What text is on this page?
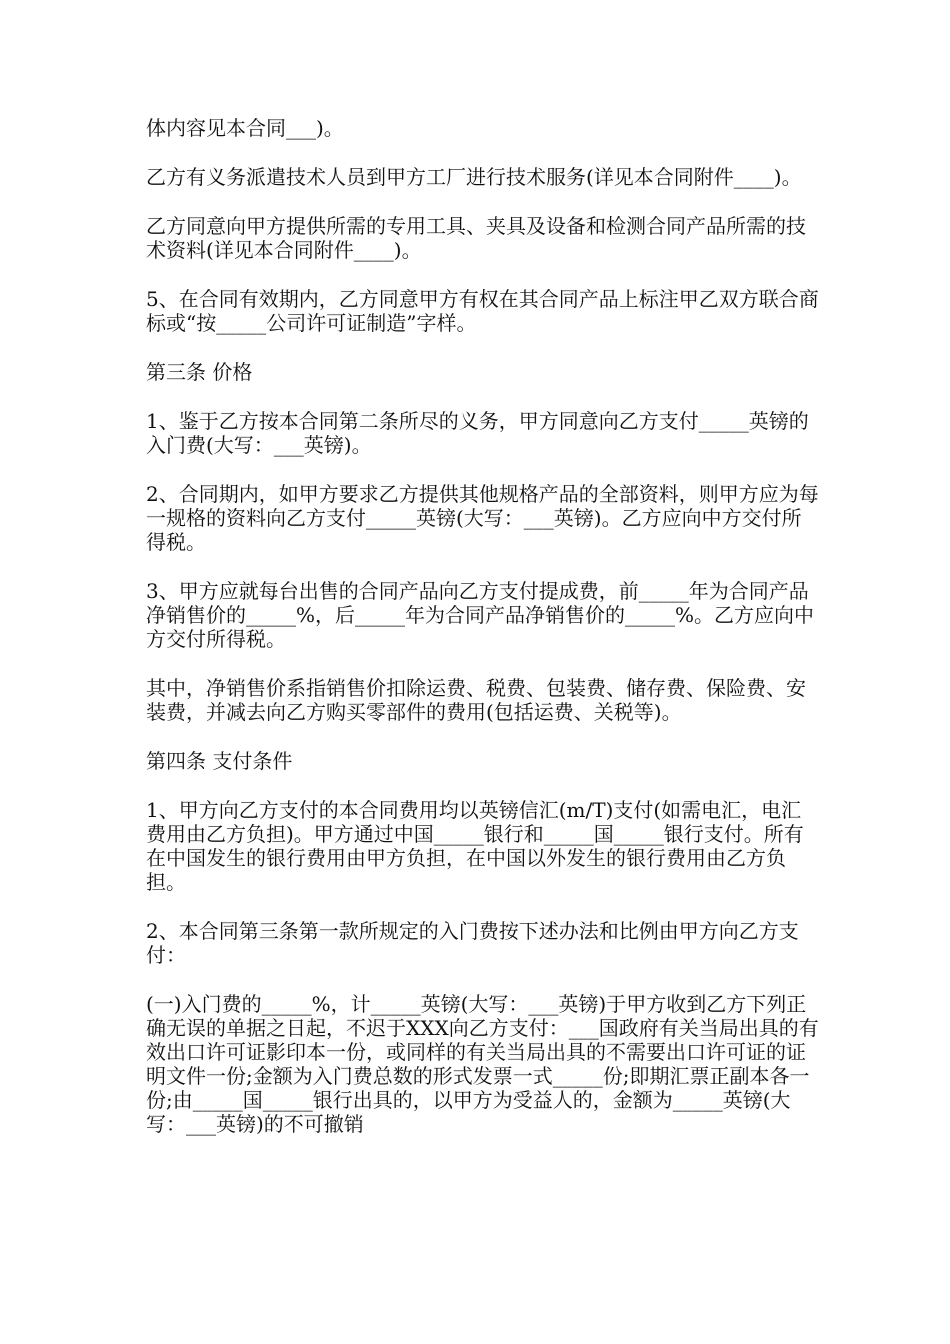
体内容见本合同___)。

乙方有义务派遣技术人员到甲方工厂进行技术服务(详见本合同附件____)。

乙方同意向甲方提供所需的专用工具、夹具及设备和检测合同产品所需的技术资料(详见本合同附件____)。

5、在合同有效期内，乙方同意甲方有权在其合同产品上标注甲乙双方联合商标或“按_____公司许可证制造”字样。

第三条 价格

1、鉴于乙方按本合同第二条所尽的义务，甲方同意向乙方支付_____英镑的入门费(大写：___英镑)。

2、合同期内，如甲方要求乙方提供其他规格产品的全部资料，则甲方应为每一规格的资料向乙方支付_____英镑(大写：___英镑)。乙方应向中方交付所得税。

3、甲方应就每台出售的合同产品向乙方支付提成费，前_____年为合同产品净销售价的_____%，后_____年为合同产品净销售价的_____%。乙方应向中方交付所得税。

其中，净销售价系指销售价扣除运费、税费、包装费、储存费、保险费、安装费，并减去向乙方购买零部件的费用(包括运费、关税等)。

第四条 支付条件

1、甲方向乙方支付的本合同费用均以英镑信汇(m/T)支付(如需电汇，电汇费用由乙方负担)。甲方通过中国_____银行和_____国_____银行支付。所有在中国发生的银行费用由甲方负担，在中国以外发生的银行费用由乙方负担。

2、本合同第三条第一款所规定的入门费按下述办法和比例由甲方向乙方支付：

(一)入门费的_____%，计_____英镑(大写：___英镑)于甲方收到乙方下列正确无误的单据之日起，不迟于XXX向乙方支付：___国政府有关当局出具的有效出口许可证影印本一份，或同样的有关当局出具的不需要出口许可证的证明文件一份;金额为入门费总数的形式发票一式_____份;即期汇票正副本各一份;由_____国_____银行出具的，以甲方为受益人的，金额为_____英镑(大写：___英镑)的不可撤销
